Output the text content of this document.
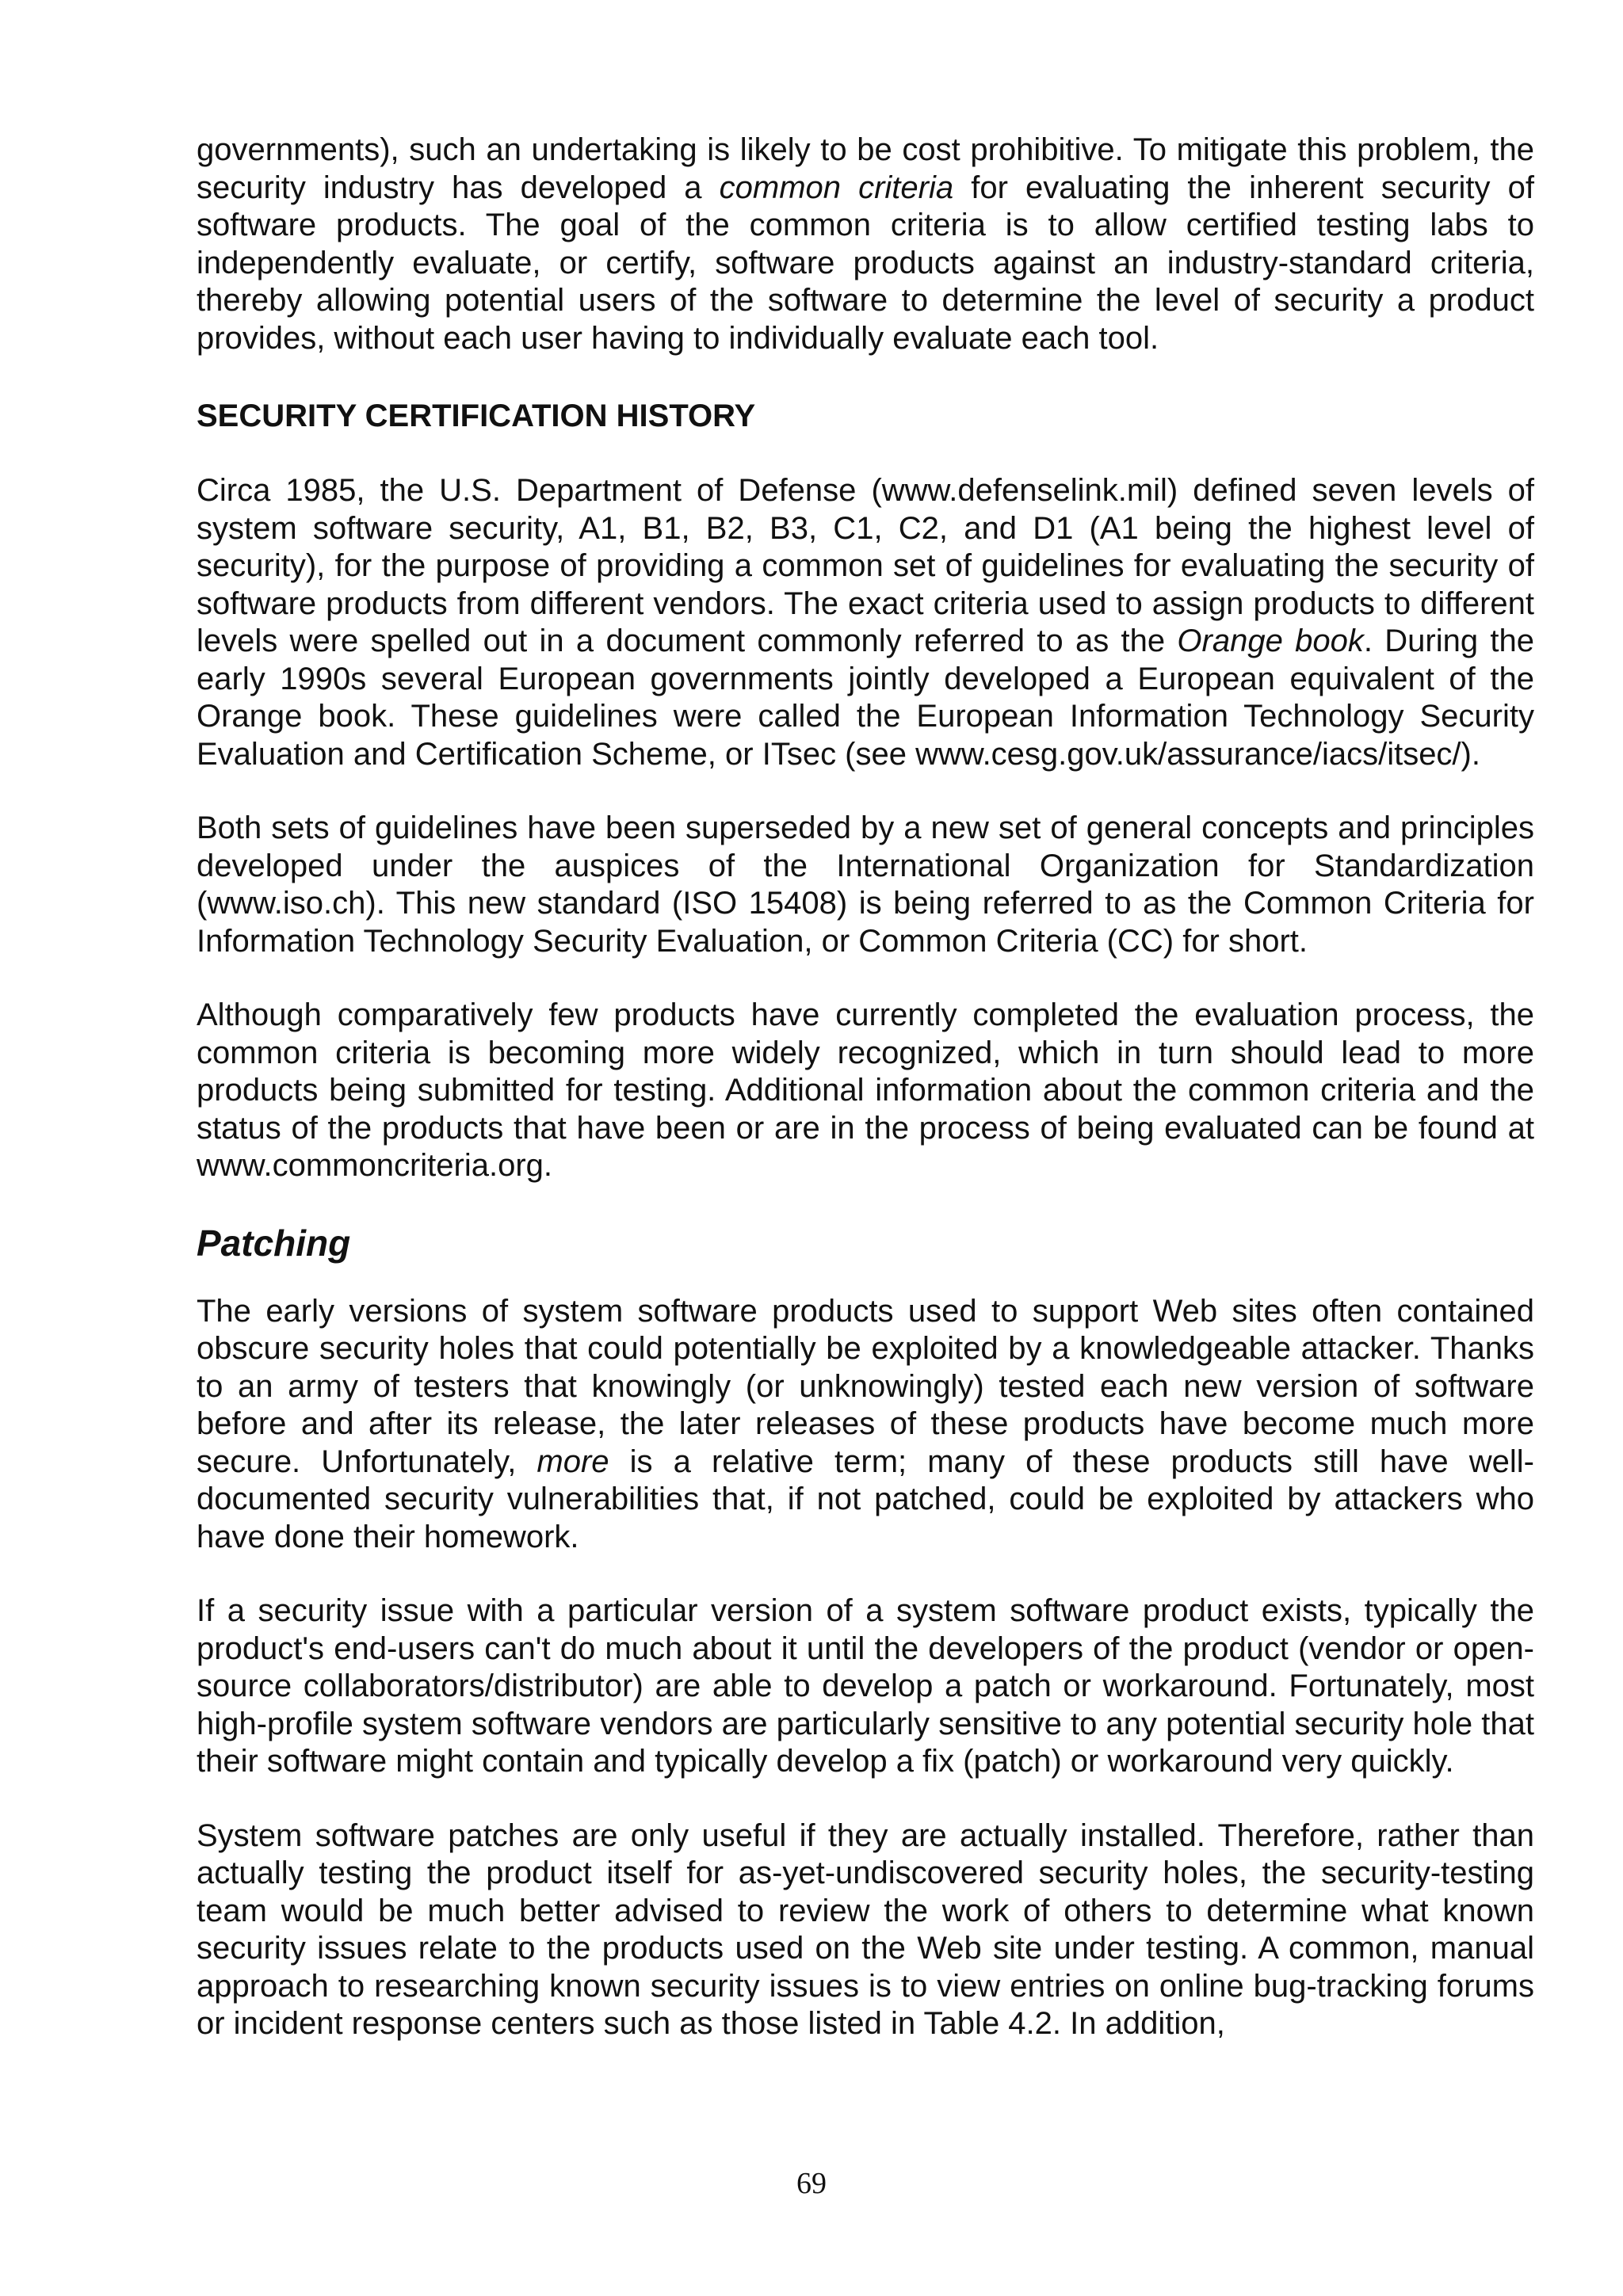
governments), such an undertaking is likely to be cost prohibitive. To mitigate this problem, the security industry has developed a common criteria for evaluating the inherent security of software products. The goal of the common criteria is to allow certified testing labs to independently evaluate, or certify, software products against an industry-standard criteria, thereby allowing potential users of the software to determine the level of security a product provides, without each user having to individually evaluate each tool.

SECURITY CERTIFICATION HISTORY

Circa 1985, the U.S. Department of Defense (www.defenselink.mil) defined seven levels of system software security, A1, B1, B2, B3, C1, C2, and D1 (A1 being the highest level of security), for the purpose of providing a common set of guidelines for evaluating the security of software products from different vendors. The exact criteria used to assign products to different levels were spelled out in a document commonly referred to as the Orange book. During the early 1990s several European governments jointly developed a European equivalent of the Orange book. These guidelines were called the European Information Technology Security Evaluation and Certification Scheme, or ITsec (see www.cesg.gov.uk/assurance/iacs/itsec/).

Both sets of guidelines have been superseded by a new set of general concepts and principles developed under the auspices of the International Organization for Standardization (www.iso.ch). This new standard (ISO 15408) is being referred to as the Common Criteria for Information Technology Security Evaluation, or Common Criteria (CC) for short.

Although comparatively few products have currently completed the evaluation process, the common criteria is becoming more widely recognized, which in turn should lead to more products being submitted for testing. Additional information about the common criteria and the status of the products that have been or are in the process of being evaluated can be found at www.commoncriteria.org.

Patching

The early versions of system software products used to support Web sites often contained obscure security holes that could potentially be exploited by a knowledgeable attacker. Thanks to an army of testers that knowingly (or unknowingly) tested each new version of software before and after its release, the later releases of these products have become much more secure. Unfortunately, more is a relative term; many of these products still have well-documented security vulnerabilities that, if not patched, could be exploited by attackers who have done their homework.

If a security issue with a particular version of a system software product exists, typically the product's end-users can't do much about it until the developers of the product (vendor or open-source collaborators/distributor) are able to develop a patch or workaround. Fortunately, most high-profile system software vendors are particularly sensitive to any potential security hole that their software might contain and typically develop a fix (patch) or workaround very quickly.

System software patches are only useful if they are actually installed. Therefore, rather than actually testing the product itself for as-yet-undiscovered security holes, the security-testing team would be much better advised to review the work of others to determine what known security issues relate to the products used on the Web site under testing. A common, manual approach to researching known security issues is to view entries on online bug-tracking forums or incident response centers such as those listed in Table 4.2. In addition,

69
